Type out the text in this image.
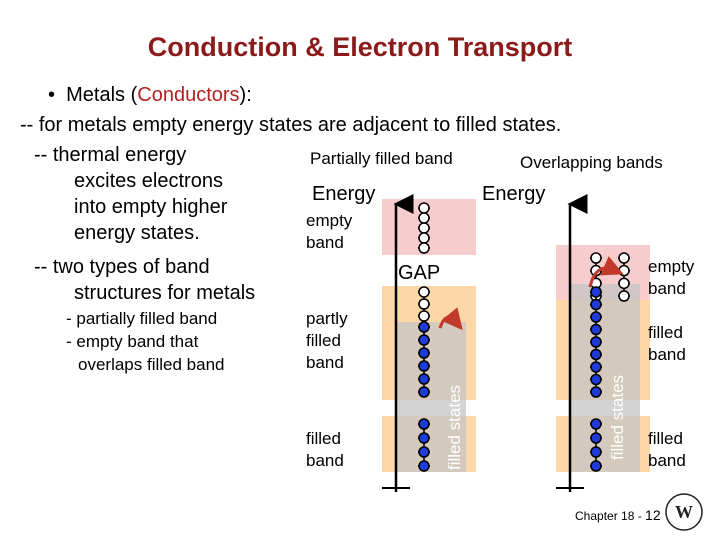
Conduction & Electron Transport
• Metals (Conductors):
-- for metals empty energy states are adjacent to filled states.
-- thermal energy
excites electrons
into empty higher
energy states.
-- two types of band
structures for metals
- partially filled band
- empty band that
overlaps filled band
W
Partially filled band	Overlapping bands
Energy	Energy
empty band
partly filled band
filled band
GAP	empty band
filled band
filled band
filled states	filled states
Chapter 18 - 12
